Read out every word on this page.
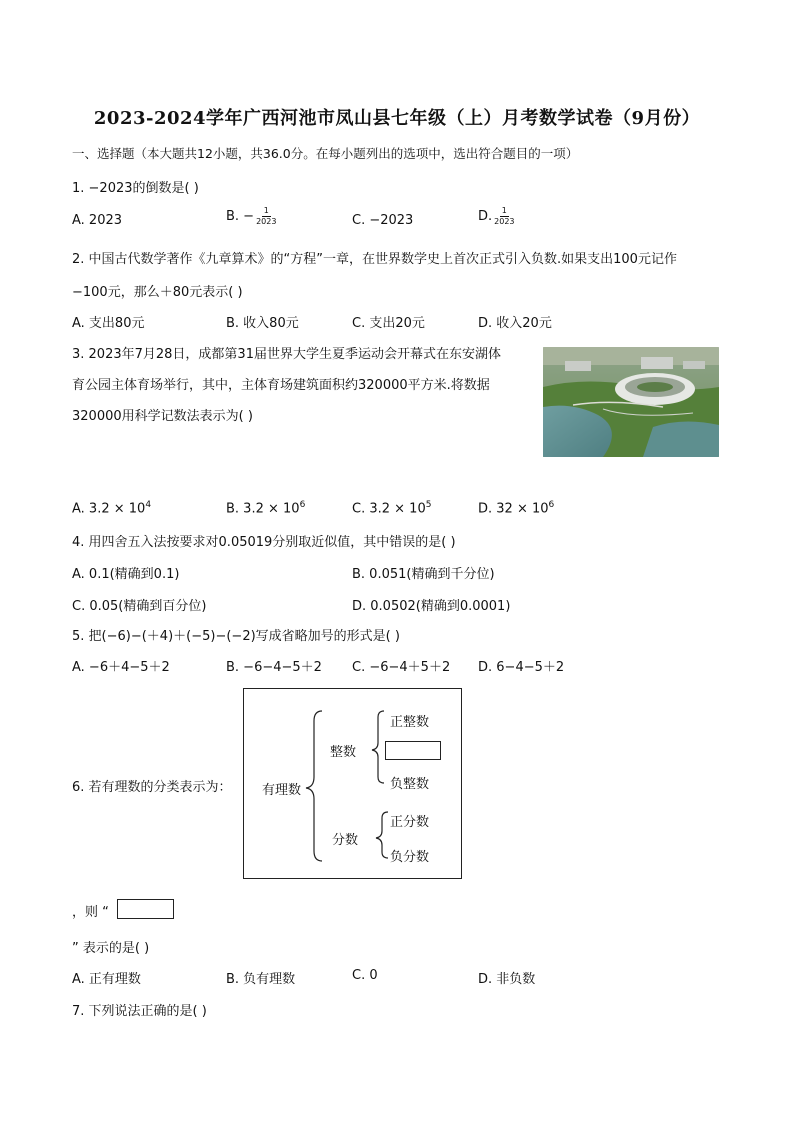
2023-2024学年广西河池市凤山县七年级（上）月考数学试卷（9月份）
一、选择题（本大题共12小题，共36.0分。在每小题列出的选项中，选出符合题目的一项）
1. −2023的倒数是( )
A. 2023	B. − $\frac{1}{2023}$	C. −2023	D. $\frac{1}{2023}$
2. 中国古代数学著作《九章算术》的“方程”一章，在世界数学史上首次正式引入负数.如果支出100元记作
−100元，那么＋80元表示( )
A. 支出80元	B. 收入80元	C. 支出20元	D. 收入20元
3. 2023年7月28日，成都第31届世界大学生夏季运动会开幕式在东安湖体
育公园主体育场举行，其中，主体育场建筑面积约320000平方米.将数据
320000用科学记数法表示为( )
A. $3.2 \times 10^4$	B. $3.2 \times 10^6$	C. $3.2 \times 10^5$	D. $32 \times 10^6$
4. 用四舍五入法按要求对0.05019分别取近似值，其中错误的是( )
A. 0.1(精确到0.1)	B. 0.051(精确到千分位)
C. 0.05(精确到百分位)	D. 0.0502(精确到0.0001)
5. 把(−6)−(＋4)＋(−5)−(−2)写成省略加号的形式是( )
A. −6＋4−5＋2	B. −6−4−5＋2 C. −6−4＋5＋2 D. 6−4−5＋2
6. 若有理数的分类表示为： 有理数
整数
正整数
负整数
分数
正分数
负分数
，则 “
” 表示的是( )
A. 正有理数	B. 负有理数	C. 0	D. 非负数
7. 下列说法正确的是( )
